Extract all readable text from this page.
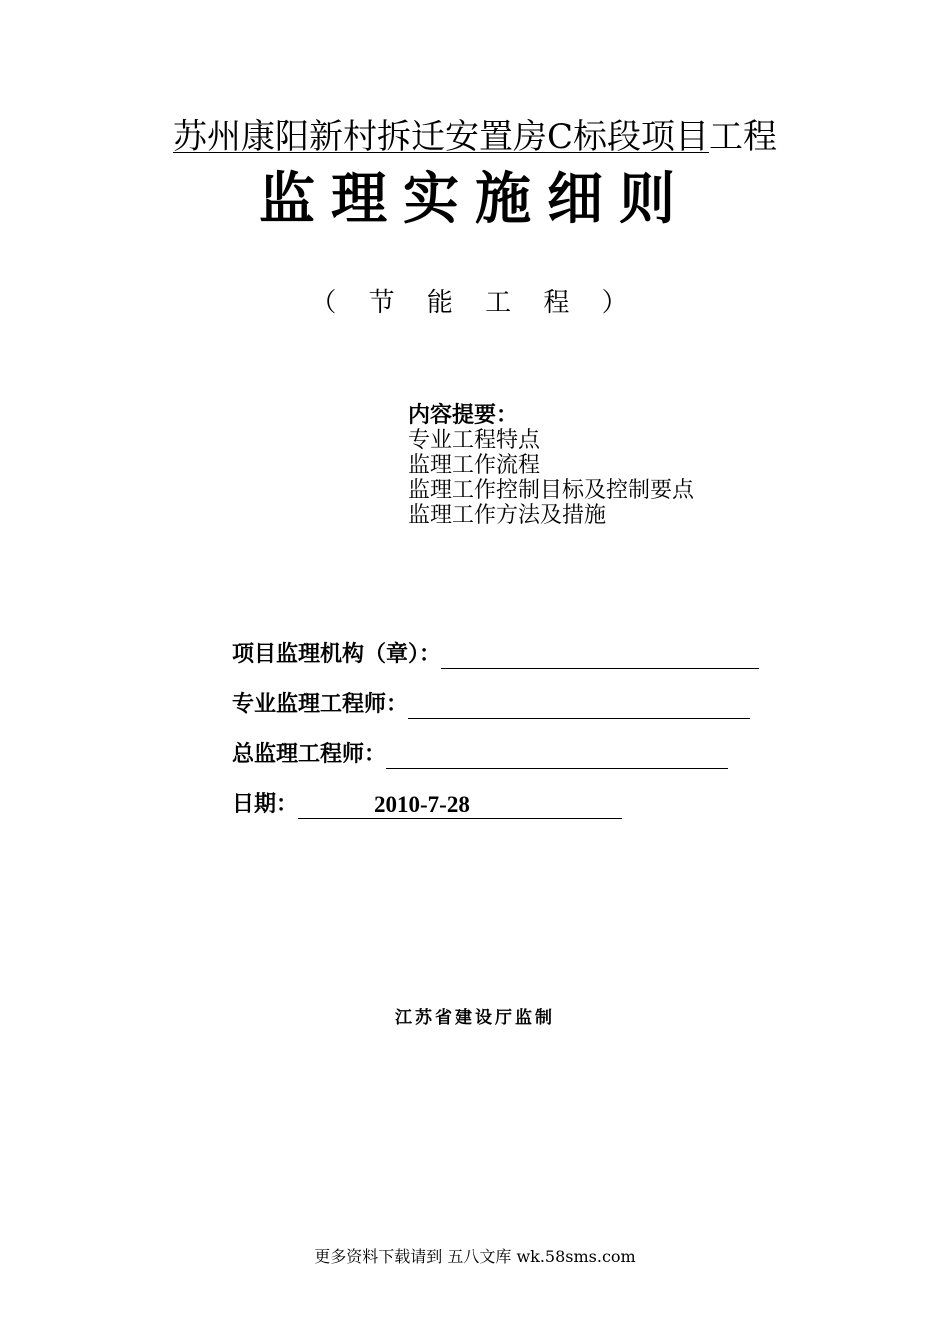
苏州康阳新村拆迁安置房C标段项目工程
监理实施细则
（ 节 能 工 程 ）
内容提要：
专业工程特点
监理工作流程
监理工作控制目标及控制要点
监理工作方法及措施
项目监理机构（章）：
专业监理工程师：
总监理工程师：
日期：	2010-7-28
江苏省建设厅监制
更多资料下载请到 五八文库 wk.58sms.com
